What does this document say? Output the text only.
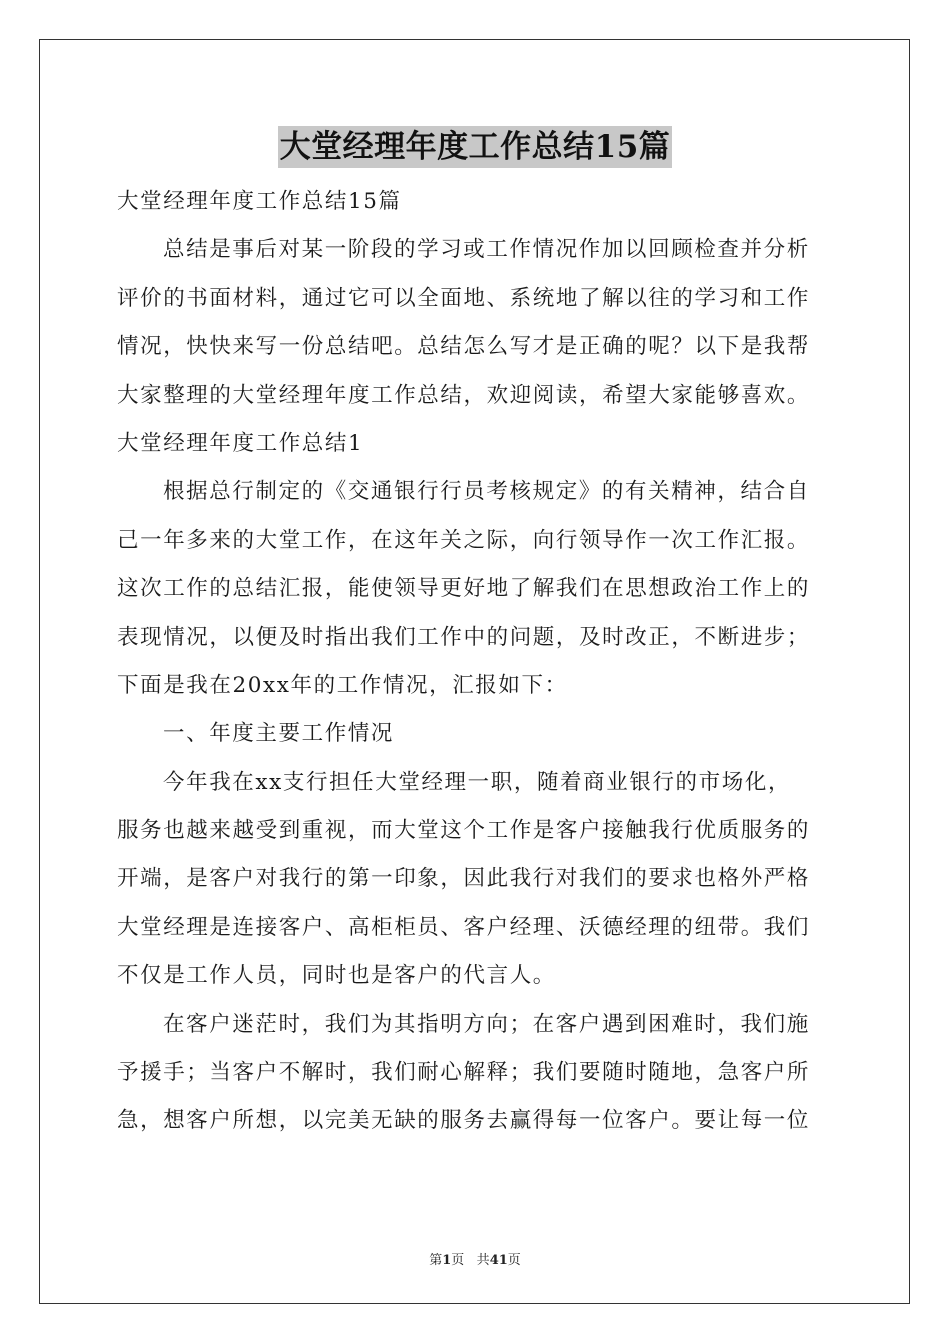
大堂经理年度工作总结15篇
大堂经理年度工作总结15篇
总结是事后对某一阶段的学习或工作情况作加以回顾检查并分析
评价的书面材料，通过它可以全面地、系统地了解以往的学习和工作
情况，快快来写一份总结吧。总结怎么写才是正确的呢？以下是我帮
大家整理的大堂经理年度工作总结，欢迎阅读，希望大家能够喜欢。
大堂经理年度工作总结1
根据总行制定的《交通银行行员考核规定》的有关精神，结合自
己一年多来的大堂工作，在这年关之际，向行领导作一次工作汇报。
这次工作的总结汇报，能使领导更好地了解我们在思想政治工作上的
表现情况，以便及时指出我们工作中的问题，及时改正，不断进步；
下面是我在20xx年的工作情况，汇报如下：
一、年度主要工作情况
今年我在xx支行担任大堂经理一职，随着商业银行的市场化，
服务也越来越受到重视，而大堂这个工作是客户接触我行优质服务的
开端，是客户对我行的第一印象，因此我行对我们的要求也格外严格
大堂经理是连接客户、高柜柜员、客户经理、沃德经理的纽带。我们
不仅是工作人员，同时也是客户的代言人。
在客户迷茫时，我们为其指明方向；在客户遇到困难时，我们施
予援手；当客户不解时，我们耐心解释；我们要随时随地，急客户所
急，想客户所想，以完美无缺的服务去赢得每一位客户。要让每一位
第1页 共41页
